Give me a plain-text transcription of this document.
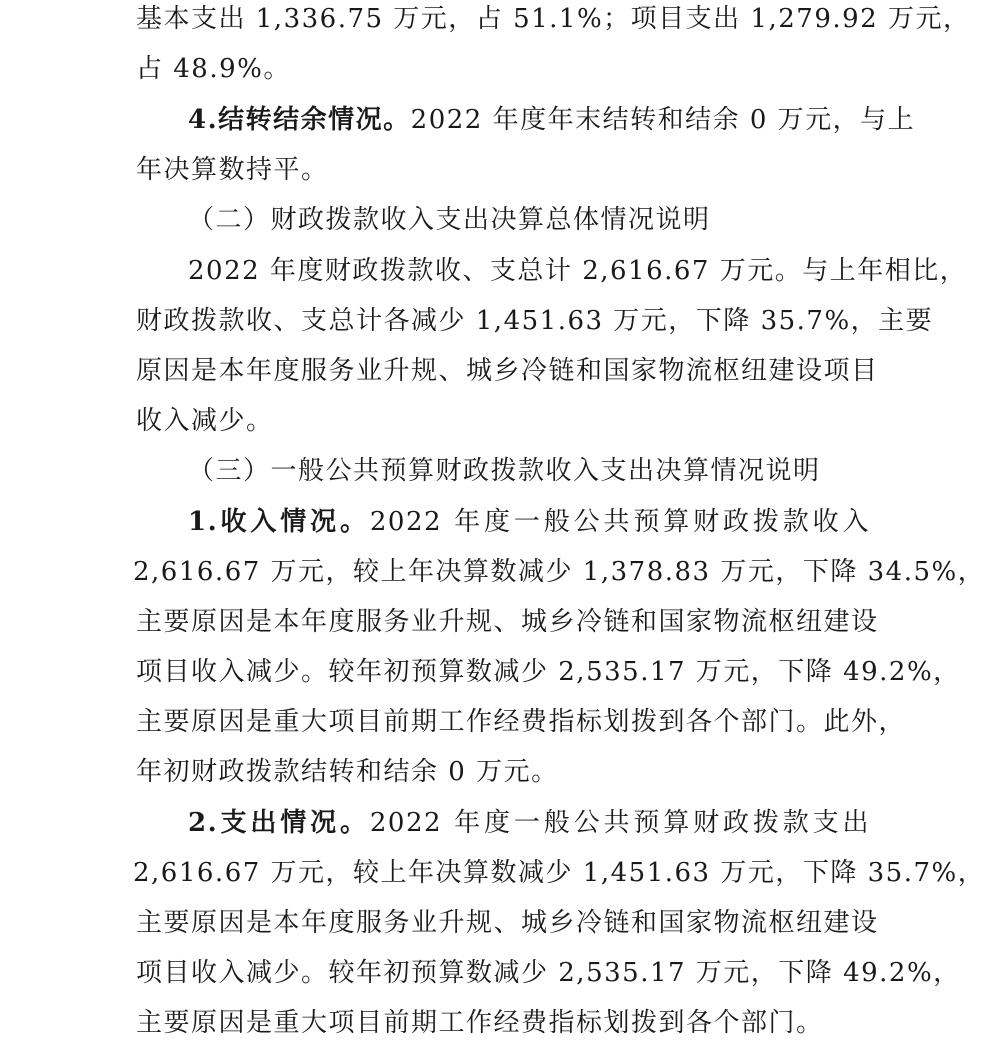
基本支出 1,336.75 万元，占 51.1%；项目支出 1,279.92 万元，
占 48.9%。
4.结转结余情况。2022 年度年末结转和结余 0 万元，与上
年决算数持平。
（二）财政拨款收入支出决算总体情况说明
2022 年度财政拨款收、支总计 2,616.67 万元。与上年相比，
财政拨款收、支总计各减少 1,451.63 万元，下降 35.7%，主要
原因是本年度服务业升规、城乡冷链和国家物流枢纽建设项目
收入减少。
（三）一般公共预算财政拨款收入支出决算情况说明
1.收入情况。2022 年度一般公共预算财政拨款收入
2,616.67 万元，较上年决算数减少 1,378.83 万元，下降 34.5%，
主要原因是本年度服务业升规、城乡冷链和国家物流枢纽建设
项目收入减少。较年初预算数减少 2,535.17 万元，下降 49.2%，
主要原因是重大项目前期工作经费指标划拨到各个部门。此外，
年初财政拨款结转和结余 0 万元。
2.支出情况。2022 年度一般公共预算财政拨款支出
2,616.67 万元，较上年决算数减少 1,451.63 万元，下降 35.7%，
主要原因是本年度服务业升规、城乡冷链和国家物流枢纽建设
项目收入减少。较年初预算数减少 2,535.17 万元，下降 49.2%，
主要原因是重大项目前期工作经费指标划拨到各个部门。
